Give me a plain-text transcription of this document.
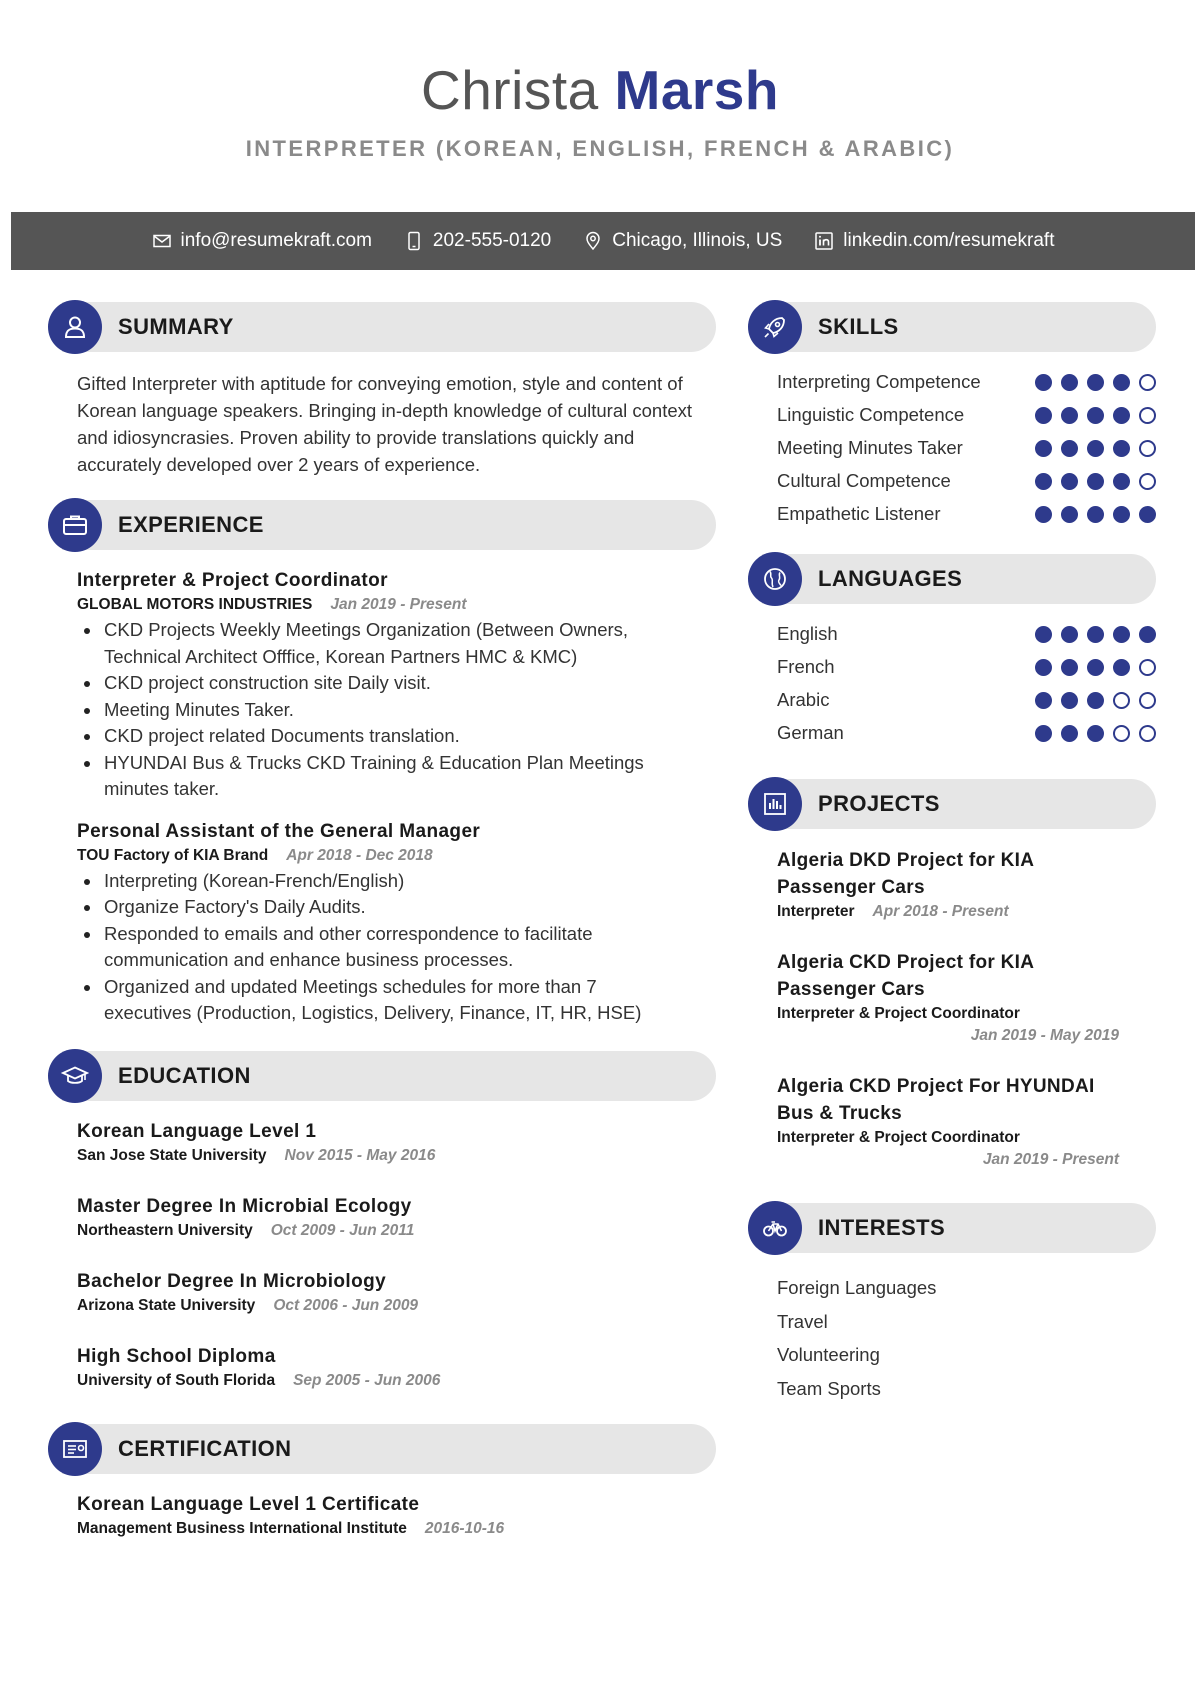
Christa Marsh
INTERPRETER (KOREAN, ENGLISH, FRENCH & ARABIC)
info@resumekraft.com	202-555-0120	Chicago, Illinois, US	linkedin.com/resumekraft
SUMMARY

Gifted Interpreter with aptitude for conveying emotion, style and content of Korean language speakers. Bringing in-depth knowledge of cultural context and idiosyncrasies. Proven ability to provide translations quickly and accurately developed over 2 years of experience.

EXPERIENCE
Interpreter & Project Coordinator
GLOBAL MOTORS INDUSTRIES Jan 2019 - Present
CKD Projects Weekly Meetings Organization (Between Owners, Technical Architect Offfice, Korean Partners HMC & KMC)
CKD project construction site Daily visit.
Meeting Minutes Taker.
CKD project related Documents translation.
HYUNDAI Bus & Trucks CKD Training & Education Plan Meetings minutes taker.
Personal Assistant of the General Manager
TOU Factory of KIA Brand Apr 2018 - Dec 2018
Interpreting (Korean-French/English)
Organize Factory's Daily Audits.
Responded to emails and other correspondence to facilitate communication and enhance business processes.
Organized and updated Meetings schedules for more than 7 executives (Production, Logistics, Delivery, Finance, IT, HR, HSE)
EDUCATION
Korean Language Level 1
San Jose State University Nov 2015 - May 2016
Master Degree In Microbial Ecology
Northeastern University Oct 2009 - Jun 2011
Bachelor Degree In Microbiology
Arizona State University Oct 2006 - Jun 2009
High School Diploma
University of South Florida Sep 2005 - Jun 2006
CERTIFICATION
Korean Language Level 1 Certificate
Management Business International Institute 2016-10-16
SKILLS
Interpreting Competence
Linguistic Competence
Meeting Minutes Taker
Cultural Competence
Empathetic Listener
LANGUAGES
English
French
Arabic
German
PROJECTS
Algeria DKD Project for KIA Passenger Cars
Interpreter Apr 2018 - Present
Algeria CKD Project for KIA Passenger Cars
Interpreter & Project Coordinator
Jan 2019 - May 2019
Algeria CKD Project For HYUNDAI Bus & Trucks
Interpreter & Project Coordinator
Jan 2019 - Present
INTERESTS
Foreign Languages
Travel
Volunteering
Team Sports
